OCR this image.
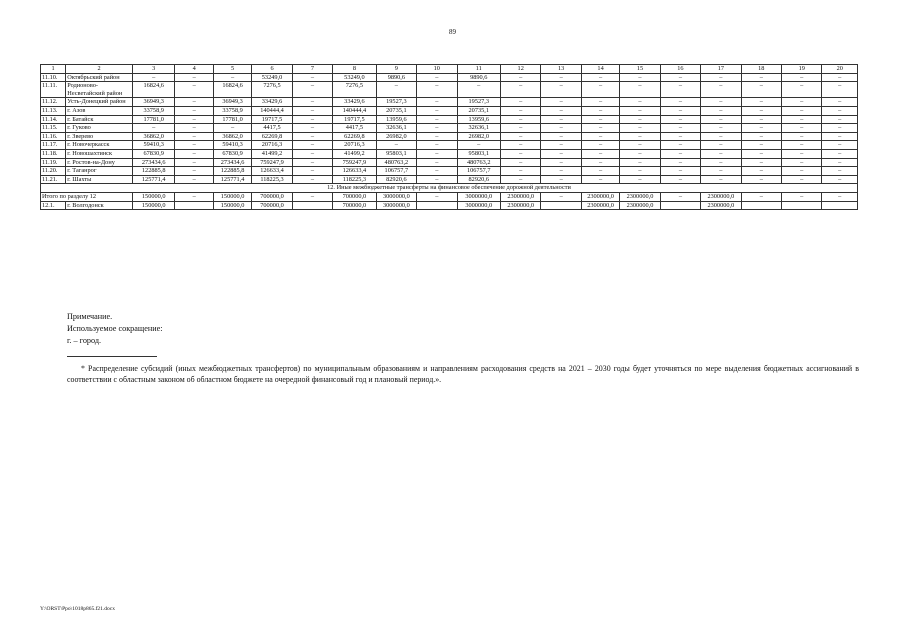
89
1	2	3	4	5	6	7	8	9	10	11	12	13	14	15	16	17	18	19	20
11.10.	Октябрьский район	–	–	–	53249,0	–	53249,0	9890,6	–	9890,6	–	–	–	–	–	–	–	–	–
11.11.	Родионово-Несветайский район	16824,6	–	16824,6	7276,5	–	7276,5	–	–	–	–	–	–	–	–	–	–	–	–
11.12.	Усть-Донецкий район	36949,3	–	36949,3	33429,6	–	33429,6	19527,3	–	19527,3	–	–	–	–	–	–	–	–	–
11.13.	г. Азов	33758,9	–	33758,9	140444,4	–	140444,4	20735,1	–	20735,1	–	–	–	–	–	–	–	–	–
11.14.	г. Батайск	17781,0	–	17781,0	19717,5	–	19717,5	13959,6	–	13959,6	–	–	–	–	–	–	–	–	–
11.15.	г. Гуково	–	–	–	4417,5	–	4417,5	32636,1	–	32636,1	–	–	–	–	–	–	–	–	–
11.16.	г. Зверево	36862,0	–	36862,0	62269,8	–	62269,8	26982,0	–	26982,0	–	–	–	–	–	–	–	–	–
11.17.	г. Новочеркасск	59410,3	–	59410,3	20716,3	–	20716,3	–	–	–	–	–	–	–	–	–	–	–	–
11.18.	г. Новошахтинск	67830,9	–	67830,9	41499,2	–	41499,2	95803,1	–	95803,1	–	–	–	–	–	–	–	–	–
11.19.	г. Ростов-на-Дону	273434,6	–	273434,6	759247,9	–	759247,9	480763,2	–	480763,2	–	–	–	–	–	–	–	–	–
11.20.	г. Таганрог	122885,8	–	122885,8	126633,4	–	126633,4	106757,7	–	106757,7	–	–	–	–	–	–	–	–	–
11.21.	г. Шахты	125771,4	–	125771,4	118225,3	–	118225,3	82920,6	–	82920,6	–	–	–	–	–	–	–	–	–
12. Иные межбюджетные трансферты на финансовое обеспечение дорожной деятельности																			
Итого по разделу 12		150000,0	–	150000,0	700000,0	–	700000,0	3000000,0	–	3000000,0	2300000,0	–	2300000,0	2300000,0	–	2300000,0	–	–	–
12.1.	г. Волгодонск	150000,0		150000,0	700000,0		700000,0	3000000,0		3000000,0	2300000,0		2300000,0	2300000,0		2300000,0			
Примечание.
Используемое сокращение:
г. – город.

* Распределение субсидий (иных межбюджетных трансфертов) по муниципальным образованиям и направлениям расходования средств на 2021 – 2030 годы будет уточняться по мере выделения бюджетных ассигнований в соответствии с областным законом об областном бюджете на очередной финансовый год и плановый период.».

Y:\ORST\Ppo\1018p865.f21.docx
